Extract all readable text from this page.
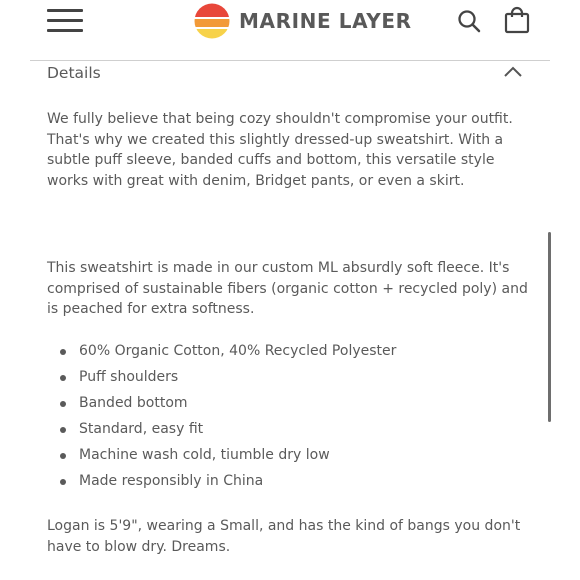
MARINE LAYER
Details

We fully believe that being cozy shouldn't compromise your outfit. That's why we created this slightly dressed-up sweatshirt. With a subtle puff sleeve, banded cuffs and bottom, this versatile style works with great with denim, Bridget pants, or even a skirt.

This sweatshirt is made in our custom ML absurdly soft fleece. It's comprised of sustainable fibers (organic cotton + recycled poly) and is peached for extra softness.

60% Organic Cotton, 40% Recycled Polyester
Puff shoulders
Banded bottom
Standard, easy fit
Machine wash cold, tiumble dry low
Made responsibly in China

Logan is 5'9", wearing a Small, and has the kind of bangs you don't have to blow dry. Dreams.
